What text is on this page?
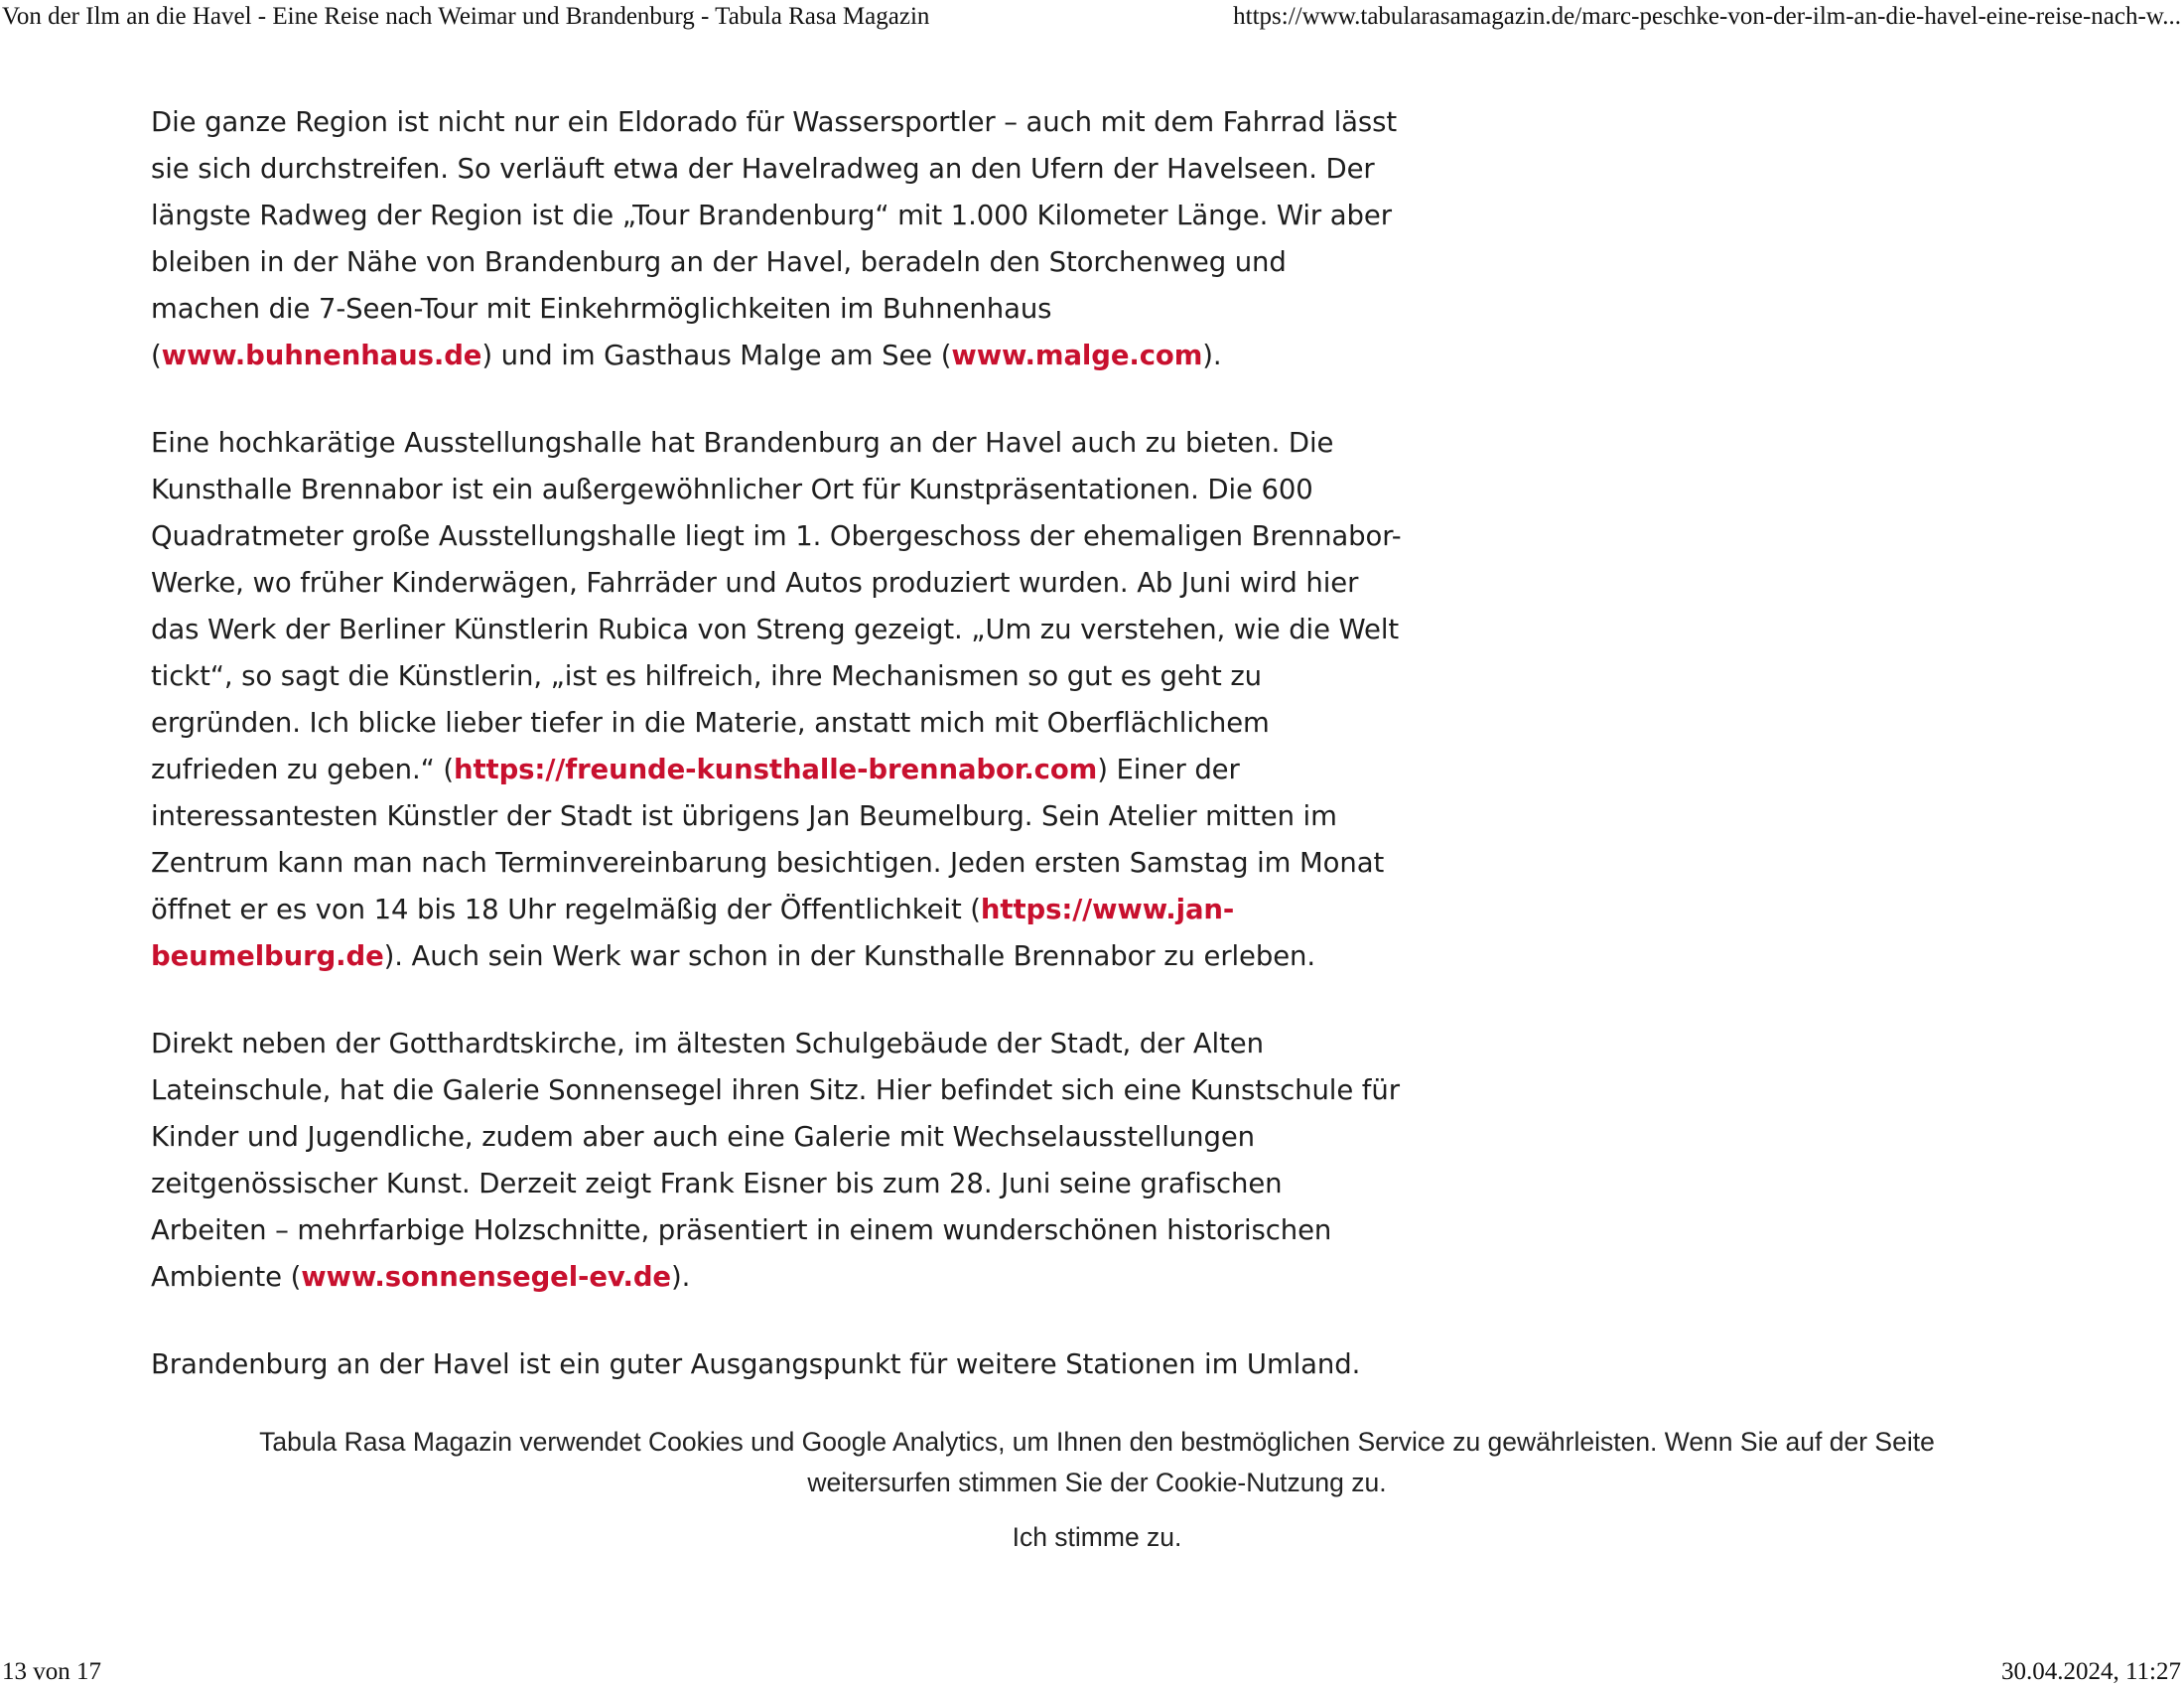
Von der Ilm an die Havel - Eine Reise nach Weimar und Brandenburg - Tabula Rasa Magazin	https://www.tabularasamagazin.de/marc-peschke-von-der-ilm-an-die-havel-eine-reise-nach-w...

Die ganze Region ist nicht nur ein Eldorado für Wassersportler – auch mit dem Fahrrad lässt sie sich durchstreifen. So verläuft etwa der Havelradweg an den Ufern der Havelseen. Der längste Radweg der Region ist die „Tour Brandenburg“ mit 1.000 Kilometer Länge. Wir aber bleiben in der Nähe von Brandenburg an der Havel, beradeln den Storchenweg und machen die 7-Seen-Tour mit Einkehrmöglichkeiten im Buhnenhaus (www.buhnenhaus.de) und im Gasthaus Malge am See (www.malge.com).

Eine hochkarätige Ausstellungshalle hat Brandenburg an der Havel auch zu bieten. Die Kunsthalle Brennabor ist ein außergewöhnlicher Ort für Kunstpräsentationen. Die 600 Quadratmeter große Ausstellungshalle liegt im 1. Obergeschoss der ehemaligen Brennabor-Werke, wo früher Kinderwägen, Fahrräder und Autos produziert wurden. Ab Juni wird hier das Werk der Berliner Künstlerin Rubica von Streng gezeigt. „Um zu verstehen, wie die Welt tickt“, so sagt die Künstlerin, „ist es hilfreich, ihre Mechanismen so gut es geht zu ergründen. Ich blicke lieber tiefer in die Materie, anstatt mich mit Oberflächlichem zufrieden zu geben.“ (https://freunde-kunsthalle-brennabor.com) Einer der interessantesten Künstler der Stadt ist übrigens Jan Beumelburg. Sein Atelier mitten im Zentrum kann man nach Terminvereinbarung besichtigen. Jeden ersten Samstag im Monat öffnet er es von 14 bis 18 Uhr regelmäßig der Öffentlichkeit (https://www.jan-beumelburg.de). Auch sein Werk war schon in der Kunsthalle Brennabor zu erleben.

Direkt neben der Gotthardtskirche, im ältesten Schulgebäude der Stadt, der Alten Lateinschule, hat die Galerie Sonnensegel ihren Sitz. Hier befindet sich eine Kunstschule für Kinder und Jugendliche, zudem aber auch eine Galerie mit Wechselausstellungen zeitgenössischer Kunst. Derzeit zeigt Frank Eisner bis zum 28. Juni seine grafischen Arbeiten – mehrfarbige Holzschnitte, präsentiert in einem wunderschönen historischen Ambiente (www.sonnensegel-ev.de).

Brandenburg an der Havel ist ein guter Ausgangspunkt für weitere Stationen im Umland.

Tabula Rasa Magazin verwendet Cookies und Google Analytics, um Ihnen den bestmöglichen Service zu gewährleisten. Wenn Sie auf der Seite weitersurfen stimmen Sie der Cookie-Nutzung zu.
Ich stimme zu.
13 von 17	30.04.2024, 11:27
